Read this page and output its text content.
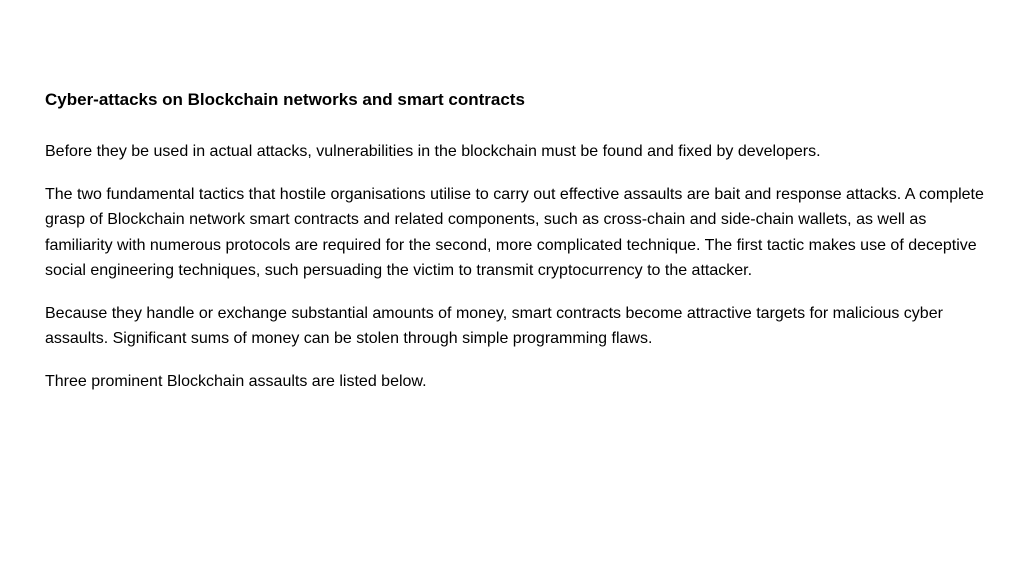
Cyber-attacks on Blockchain networks and smart contracts

Before they be used in actual attacks, vulnerabilities in the blockchain must be found and fixed by developers.

The two fundamental tactics that hostile organisations utilise to carry out effective assaults are bait and response attacks. A complete grasp of Blockchain network smart contracts and related components, such as cross-chain and side-chain wallets, as well as familiarity with numerous protocols are required for the second, more complicated technique. The first tactic makes use of deceptive social engineering techniques, such persuading the victim to transmit cryptocurrency to the attacker.

Because they handle or exchange substantial amounts of money, smart contracts become attractive targets for malicious cyber assaults. Significant sums of money can be stolen through simple programming flaws.

Three prominent Blockchain assaults are listed below.
